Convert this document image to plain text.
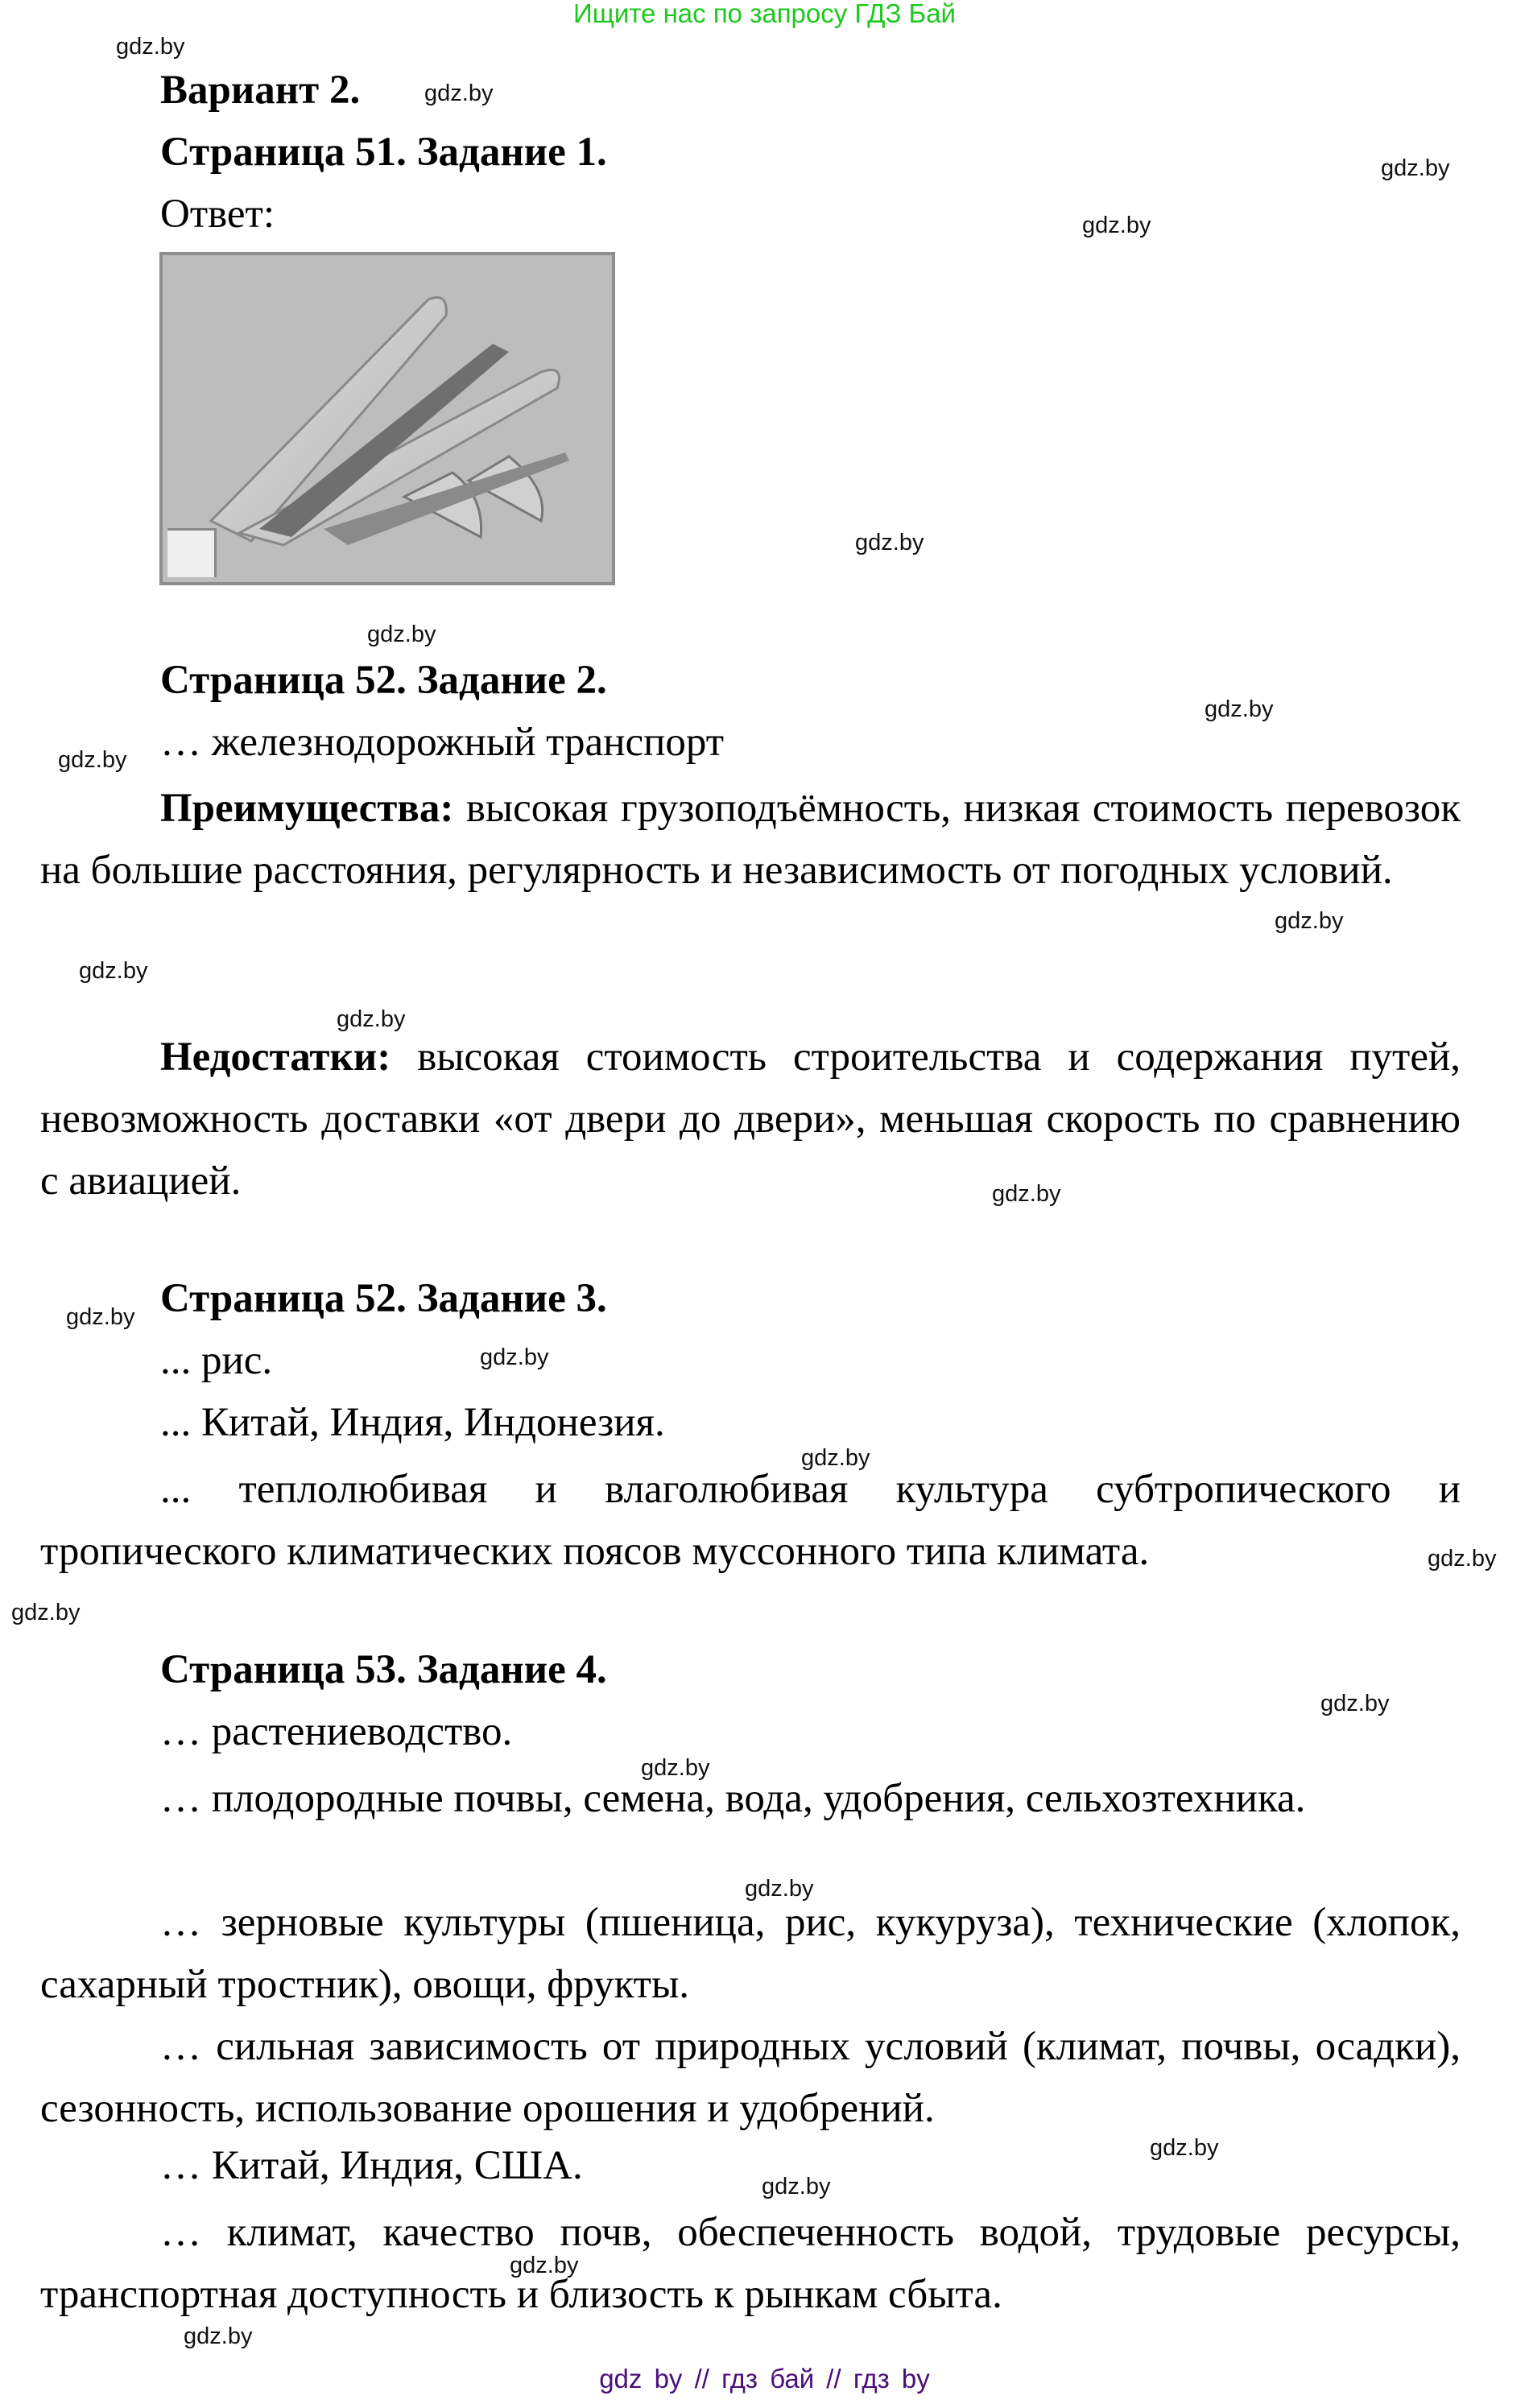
Ищите нас по запросу ГДЗ Бай
gdz.by
gdz.by
gdz.by
gdz.by
gdz.by
gdz.by
gdz.by
gdz.by
gdz.by
gdz.by
gdz.by
gdz.by
gdz.by
gdz.by
gdz.by
gdz.by
gdz.by
gdz.by
gdz.by
gdz.by
gdz.by
gdz.by
gdz.by
gdz.by
Вариант 2.
Страница 51. Задание 1.
Ответ:
Страница 52. Задание 2.
… железнодорожный транспорт
Преимущества: высокая грузоподъёмность, низкая стоимость перевозок на большие расстояния, регулярность и независимость от погодных условий.
Недостатки: высокая стоимость строительства и содержания путей, невозможность доставки «от двери до двери», меньшая скорость по сравнению с авиацией.
Страница 52. Задание 3.
... рис.
... Китай, Индия, Индонезия.
... теплолюбивая и влаголюбивая культура субтропического и тропического климатических поясов муссонного типа климата.
Страница 53. Задание 4.
… растениеводство.
… плодородные почвы, семена, вода, удобрения, сельхозтехника.
… зерновые культуры (пшеница, рис, кукуруза), технические (хлопок, сахарный тростник), овощи, фрукты.
… сильная зависимость от природных условий (климат, почвы, осадки), сезонность, использование орошения и удобрений.
… Китай, Индия, США.
… климат, качество почв, обеспеченность водой, трудовые ресурсы, транспортная доступность и близость к рынкам сбыта.
gdz by // гдз бай // гдз by
